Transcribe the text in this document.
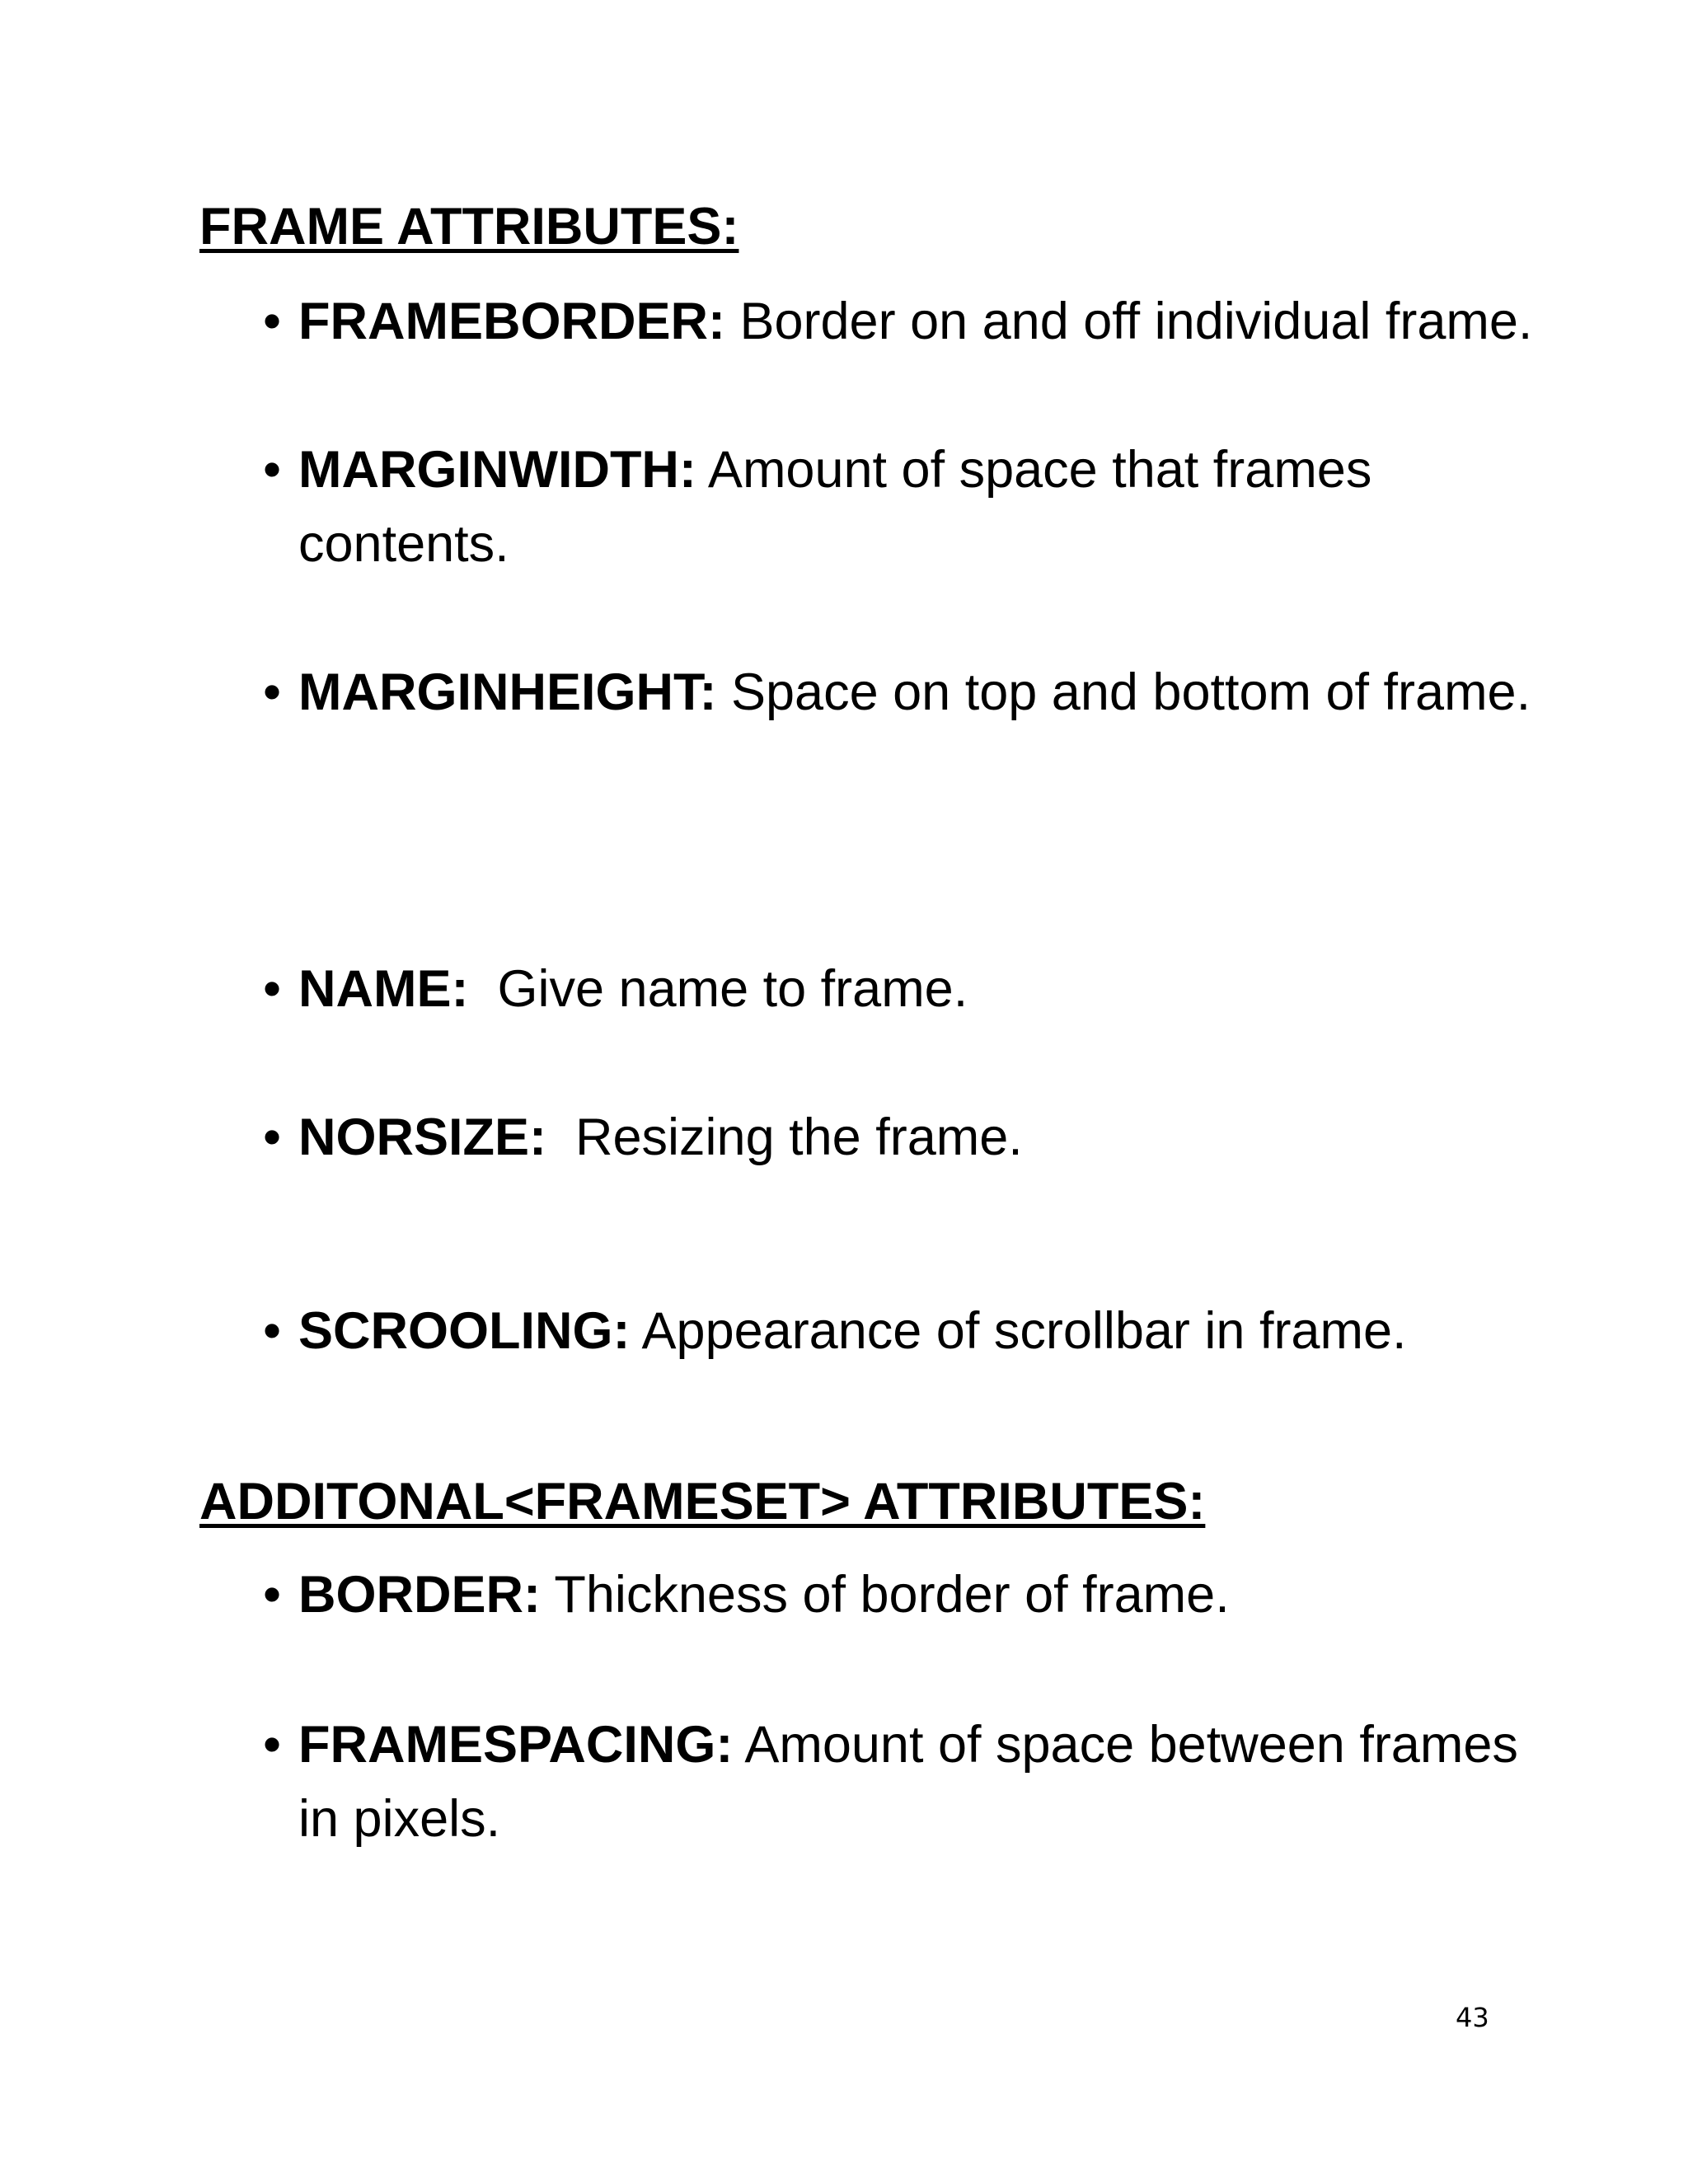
FRAME ATTRIBUTES:
• FRAMEBORDER: Border on and off individual frame.
• MARGINWIDTH: Amount of space that frames contents.
• MARGINHEIGHT: Space on top and bottom of frame.
• NAME:  Give name to frame.
• NORSIZE:  Resizing the frame.
• SCROOLING: Appearance of scrollbar in frame.
ADDITONAL<FRAMESET> ATTRIBUTES:
• BORDER: Thickness of border of frame.
• FRAMESPACING: Amount of space between frames in pixels.
43
